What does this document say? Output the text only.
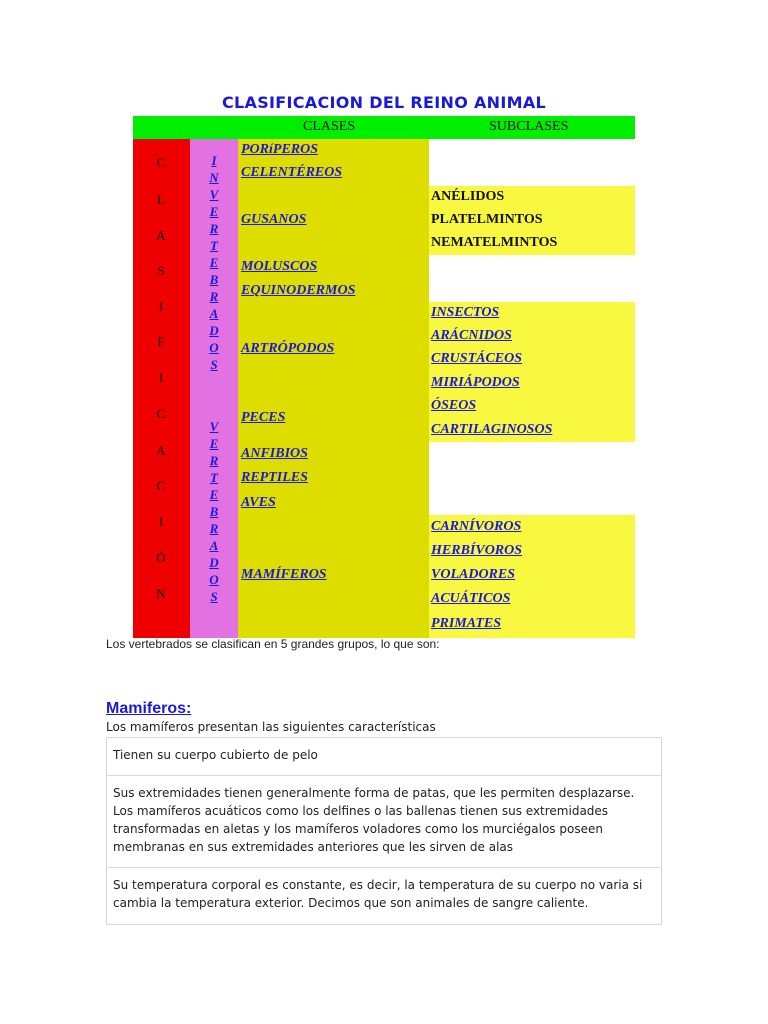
CLASIFICACION DEL REINO ANIMAL
CLASES	SUBCLASES
C
L
A
S
I
F
I
C
A
C
I
Ó
N
I
N
V
E
R
T
E
B
R
A
D
O
S
V
E
R
T
E
B
R
A
D
O
S
PORíPEROS
CELENTÉREOS
GUSANOS
MOLUSCOS
EQUINODERMOS
ARTRÓPODOS
PECES
ANFIBIOS
REPTILES
AVES
MAMÍFEROS
ANÉLIDOS
PLATELMINTOS
NEMATELMINTOS
INSECTOS
ARÁCNIDOS
CRUSTÁCEOS
MIRIÁPODOS
ÓSEOS
CARTILAGINOSOS
CARNÍVOROS
HERBÍVOROS
VOLADORES
ACUÁTICOS
PRIMATES
Los vertebrados se clasifican en 5 grandes grupos, lo que son:
Mamiferos:
Los mamíferos presentan las siguientes características
Tienen su cuerpo cubierto de pelo
Sus extremidades tienen generalmente forma de patas, que les permiten desplazarse. Los mamíferos acuáticos como los delfines o las ballenas tienen sus extremidades transformadas en aletas y los mamíferos voladores como los murciégalos poseen membranas en sus extremidades anteriores que les sirven de alas
Su temperatura corporal es constante, es decir, la temperatura de su cuerpo no varia si cambia la temperatura exterior. Decimos que son animales de sangre caliente.
